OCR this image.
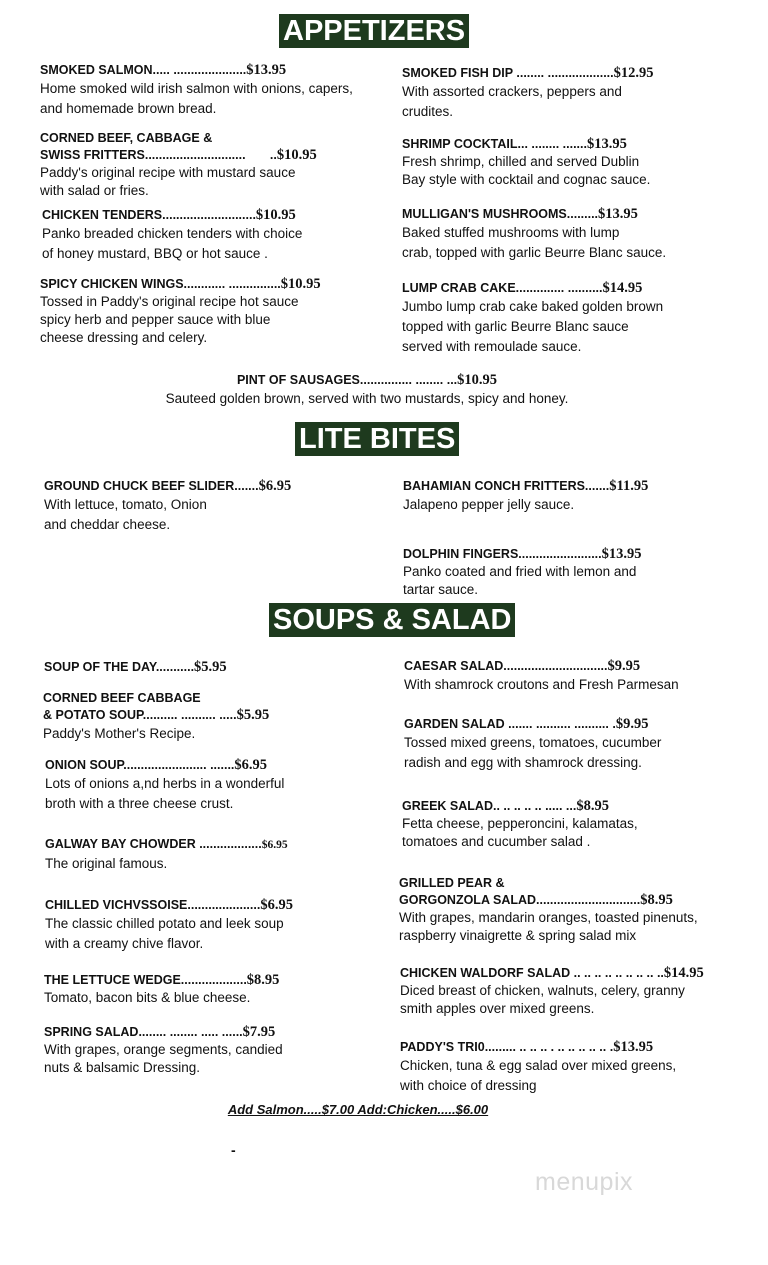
APPETIZERS
LITE BITES
SOUPS & SALAD
SMOKED SALMON..... .....................$13.95
Home smoked wild irish salmon with onions, capers,
and homemade brown bread.
SMOKED FISH DIP ........ ...................$12.95
With assorted crackers, peppers and
crudites.
CORNED BEEF, CABBAGE &
SWISS FRITTERS.............................       ..$10.95
Paddy's original recipe with mustard sauce
with salad or fries.
SHRIMP COCKTAIL... ........ .......$13.95
Fresh shrimp, chilled and served Dublin
Bay style with cocktail and cognac sauce.
CHICKEN TENDERS...........................$10.95
Panko breaded chicken tenders with choice
of honey mustard, BBQ or hot sauce .
MULLIGAN'S MUSHROOMS.........$13.95
Baked stuffed mushrooms with lump
crab, topped with garlic Beurre Blanc sauce.
SPICY CHICKEN WINGS............ ...............$10.95
Tossed in Paddy's original recipe hot sauce
spicy herb and pepper sauce with blue
cheese dressing and celery.
LUMP CRAB CAKE.............. ..........$14.95
Jumbo lump crab cake baked golden brown
topped with garlic Beurre Blanc sauce
served with remoulade sauce.
PINT OF SAUSAGES............... ........ ...$10.95
Sauteed golden brown, served with two mustards, spicy and honey.
GROUND CHUCK BEEF SLIDER.......$6.95
With lettuce, tomato, Onion
and cheddar cheese.
BAHAMIAN CONCH FRITTERS.......$11.95
Jalapeno pepper jelly sauce.
DOLPHIN FINGERS........................$13.95
Panko coated and fried with lemon and
tartar sauce.
SOUP OF THE DAY...........$5.95
CORNED BEEF CABBAGE
& POTATO SOUP.......... .......... .....$5.95
Paddy's Mother's Recipe.
ONION SOUP........................ .......$6.95
Lots of onions a,nd herbs in a wonderful
broth with a three cheese crust.
GALWAY BAY CHOWDER ..................$6.95
The original famous.
CHILLED VICHVSSOISE.....................$6.95
The classic chilled potato and leek soup
with a creamy chive flavor.
THE LETTUCE WEDGE...................$8.95
Tomato, bacon bits & blue cheese.
SPRING SALAD........ ........ ..... ......$7.95
With grapes, orange segments, candied
nuts & balsamic Dressing.
CAESAR SALAD..............................$9.95
With shamrock croutons and Fresh Parmesan
GARDEN SALAD ....... .......... .......... .$9.95
Tossed mixed greens, tomatoes, cucumber
radish and egg with shamrock dressing.
GREEK SALAD.. .. .. .. .. ..... ...$8.95
Fetta cheese, pepperoncini, kalamatas,
tomatoes and cucumber salad .
GRILLED PEAR &
GORGONZOLA SALAD..............................$8.95
With grapes, mandarin oranges, toasted pinenuts,
raspberry vinaigrette & spring salad mix
CHICKEN WALDORF SALAD .. .. .. .. .. .. .. .. ..$14.95
Diced breast of chicken, walnuts, celery, granny
smith apples over mixed greens.
PADDY'S TRI0......... .. .. .. . .. .. .. .. .. .$13.95
Chicken, tuna & egg salad over mixed greens,
with choice of dressing
Add Salmon.....$7.00 Add:Chicken.....$6.00
-
menupix
